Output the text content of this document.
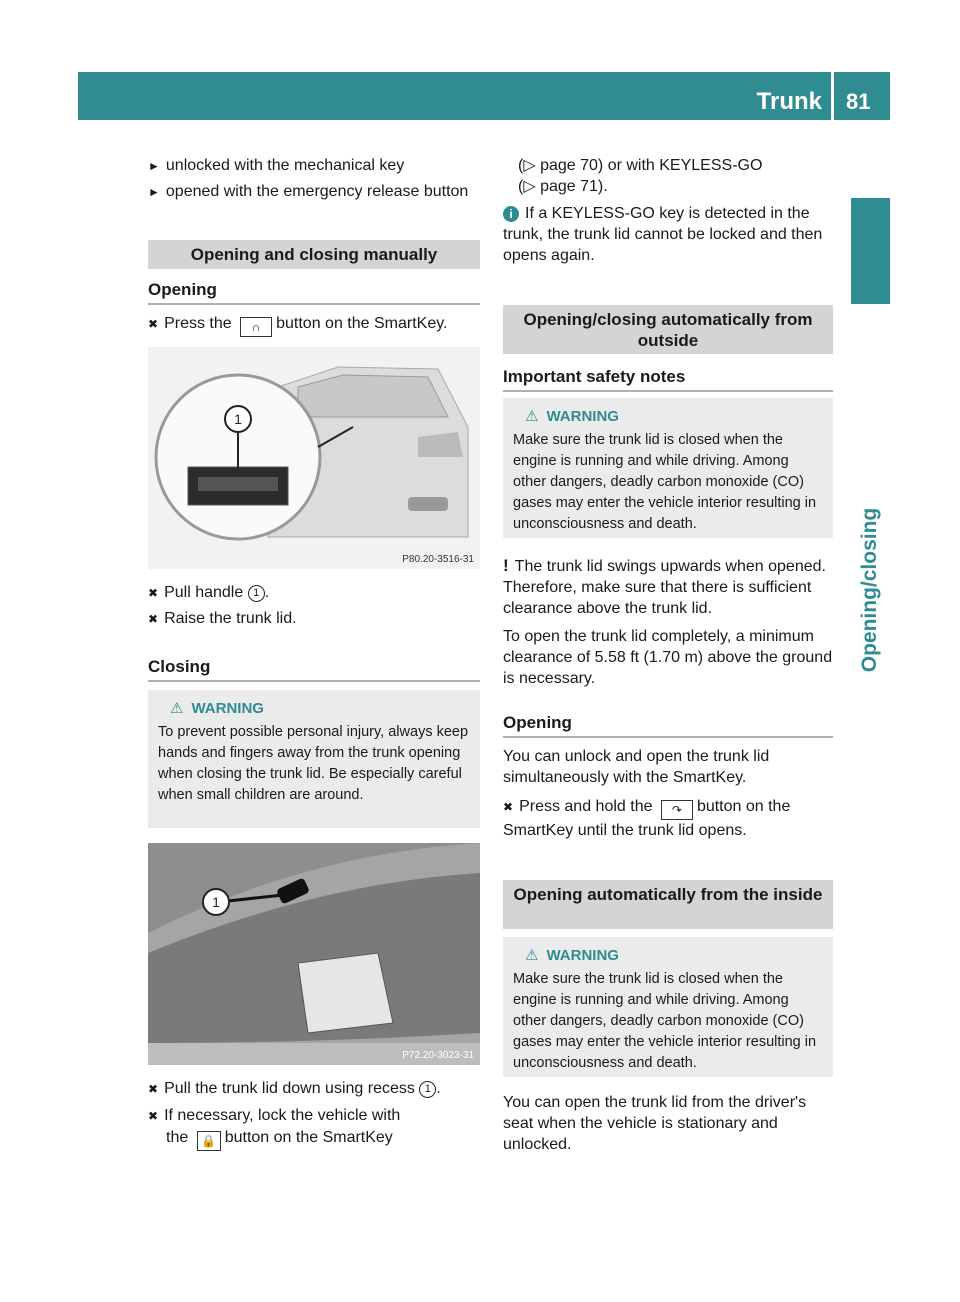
Trunk 81
Opening/closing
► unlocked with the mechanical key
► opened with the emergency release button
Opening and closing manually
Opening
✖ Press the ∩ button on the SmartKey.
1
P80.20-3516-31
✖ Pull handle 1 .
✖ Raise the trunk lid.
Closing
⚠ WARNING
To prevent possible personal injury, always keep hands and fingers away from the trunk opening when closing the trunk lid. Be especially careful when small children are around.
1
P72.20-3023-31
✖ Pull the trunk lid down using recess 1 .
✖ If necessary, lock the vehicle with
the 🔒 button on the SmartKey
(▷ page 70) or with KEYLESS-GO
(▷ page 71).
i If a KEYLESS-GO key is detected in the trunk, the trunk lid cannot be locked and then opens again.
Opening/closing automatically from outside
Important safety notes
⚠ WARNING
Make sure the trunk lid is closed when the engine is running and while driving. Among other dangers, deadly carbon monoxide (CO) gases may enter the vehicle interior resulting in unconsciousness and death.
! The trunk lid swings upwards when opened. Therefore, make sure that there is sufficient clearance above the trunk lid.
To open the trunk lid completely, a minimum clearance of 5.58 ft (1.70 m) above the ground is necessary.
Opening
You can unlock and open the trunk lid simultaneously with the SmartKey.
✖ Press and hold the ↷ button on the SmartKey until the trunk lid opens.
Opening automatically from the inside
⚠ WARNING
Make sure the trunk lid is closed when the engine is running and while driving. Among other dangers, deadly carbon monoxide (CO) gases may enter the vehicle interior resulting in unconsciousness and death.
You can open the trunk lid from the driver's seat when the vehicle is stationary and unlocked.
